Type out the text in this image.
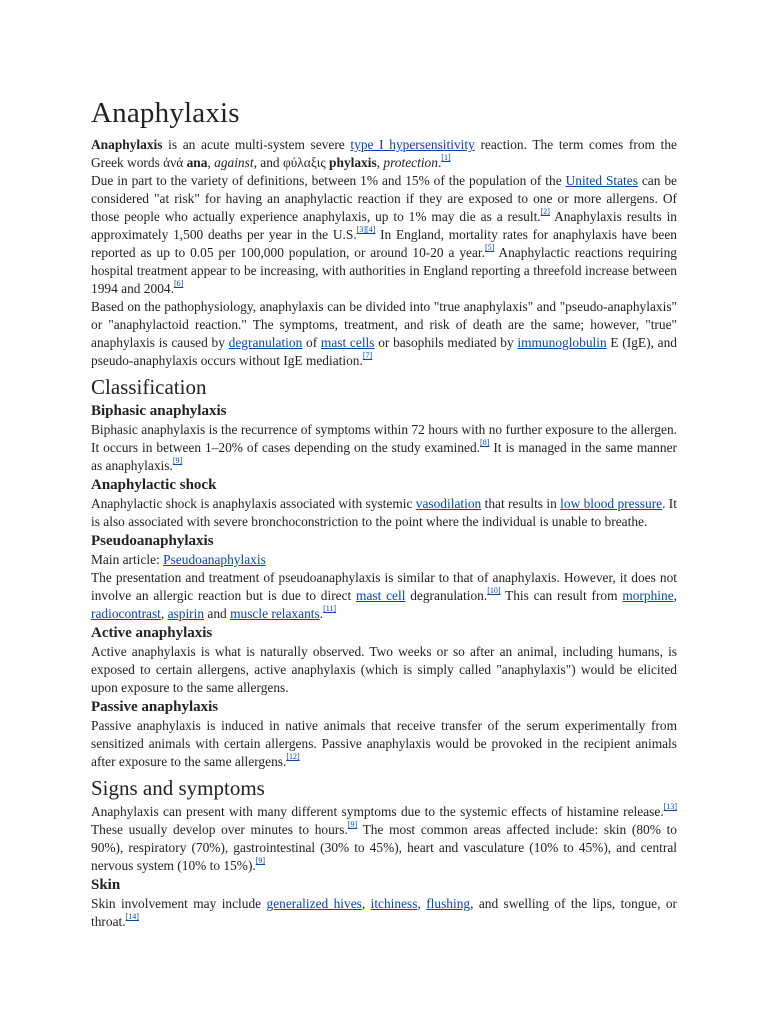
Anaphylaxis

Anaphylaxis is an acute multi-system severe type I hypersensitivity reaction. The term comes from the Greek words ἀνά ana, against, and φύλαξις phylaxis, protection.[1]

Due in part to the variety of definitions, between 1% and 15% of the population of the United States can be considered "at risk" for having an anaphylactic reaction if they are exposed to one or more allergens. Of those people who actually experience anaphylaxis, up to 1% may die as a result.[2] Anaphylaxis results in approximately 1,500 deaths per year in the U.S.[3][4] In England, mortality rates for anaphylaxis have been reported as up to 0.05 per 100,000 population, or around 10-20 a year.[5] Anaphylactic reactions requiring hospital treatment appear to be increasing, with authorities in England reporting a threefold increase between 1994 and 2004.[6]

Based on the pathophysiology, anaphylaxis can be divided into "true anaphylaxis" and "pseudo-anaphylaxis" or "anaphylactoid reaction." The symptoms, treatment, and risk of death are the same; however, "true" anaphylaxis is caused by degranulation of mast cells or basophils mediated by immunoglobulin E (IgE), and pseudo-anaphylaxis occurs without IgE mediation.[7]

Classification
Biphasic anaphylaxis

Biphasic anaphylaxis is the recurrence of symptoms within 72 hours with no further exposure to the allergen. It occurs in between 1–20% of cases depending on the study examined.[8] It is managed in the same manner as anaphylaxis.[9]

Anaphylactic shock

Anaphylactic shock is anaphylaxis associated with systemic vasodilation that results in low blood pressure. It is also associated with severe bronchoconstriction to the point where the individual is unable to breathe.

Pseudoanaphylaxis

Main article: Pseudoanaphylaxis

The presentation and treatment of pseudoanaphylaxis is similar to that of anaphylaxis. However, it does not involve an allergic reaction but is due to direct mast cell degranulation.[10] This can result from morphine, radiocontrast, aspirin and muscle relaxants.[11]

Active anaphylaxis

Active anaphylaxis is what is naturally observed. Two weeks or so after an animal, including humans, is exposed to certain allergens, active anaphylaxis (which is simply called "anaphylaxis") would be elicited upon exposure to the same allergens.

Passive anaphylaxis

Passive anaphylaxis is induced in native animals that receive transfer of the serum experimentally from sensitized animals with certain allergens. Passive anaphylaxis would be provoked in the recipient animals after exposure to the same allergens.[12]

Signs and symptoms

Anaphylaxis can present with many different symptoms due to the systemic effects of histamine release.[13] These usually develop over minutes to hours.[9] The most common areas affected include: skin (80% to 90%), respiratory (70%), gastrointestinal (30% to 45%), heart and vasculature (10% to 45%), and central nervous system (10% to 15%).[9]

Skin

Skin involvement may include generalized hives, itchiness, flushing, and swelling of the lips, tongue, or throat.[14]
